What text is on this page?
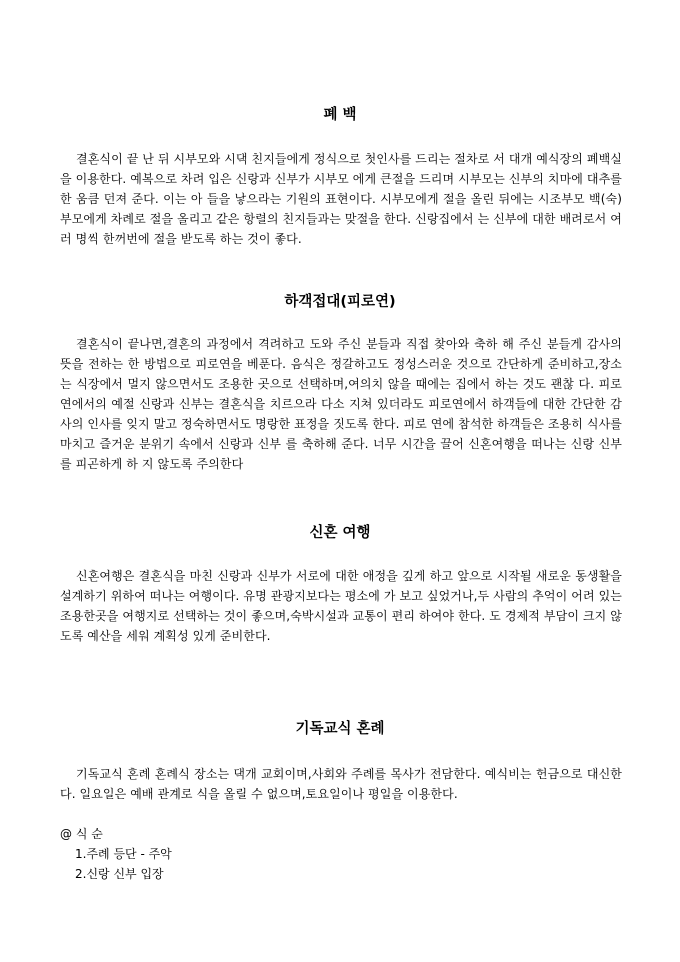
폐 백

결혼식이 끝 난 뒤 시부모와 시댁 친지들에게 정식으로 첫인사를 드리는 절차로 서 대개 예식장의 폐백실을 이용한다. 예복으로 차려 입은 신랑과 신부가 시부모 에게 큰절을 드리며 시부모는 신부의 치마에 대추를 한 움큼 던져 준다. 이는 아 들을 낳으라는 기원의 표현이다. 시부모에게 절을 올린 뒤에는 시조부모 백(숙) 부모에게 차례로 절을 올리고 같은 항렬의 친지들과는 맞절을 한다. 신랑집에서 는 신부에 대한 배려로서 여러 명씩 한꺼번에 절을 받도록 하는 것이 좋다.

하객접대(피로연)

결혼식이 끝나면,결혼의 과정에서 격려하고 도와 주신 분들과 직접 찾아와 축하 해 주신 분들게 감사의 뜻을 전하는 한 방법으로 피로연을 베푼다. 음식은 정갈하고도 정성스러운 것으로 간단하게 준비하고,장소는 식장에서 멀지 않으면서도 조용한 곳으로 선택하며,여의치 않을 때에는 집에서 하는 것도 괜찮 다. 피로연에서의 예절 신랑과 신부는 결혼식을 치르으라 다소 지쳐 있더라도 피로연에서 하객들에 대한 간단한 감사의 인사를 잊지 말고 정숙하면서도 명랑한 표정을 짓도록 한다. 피로 연에 참석한 하객들은 조용히 식사를 마치고 즐거운 분위기 속에서 신랑과 신부 를 축하해 준다. 너무 시간을 끌어 신혼여행을 떠나는 신랑 신부를 피곤하게 하 지 않도록 주의한다

신혼 여행

신혼여행은 결혼식을 마친 신랑과 신부가 서로에 대한 애정을 깊게 하고 앞으로 시작될 새로운 동생활을 설계하기 위하여 떠나는 여행이다. 유명 관광지보다는 평소에 가 보고 싶었거나,두 사람의 추억이 어려 있는 조용한곳을 여행지로 선택하는 것이 좋으며,숙박시설과 교통이 편리 하여야 한다. 도 경제적 부담이 크지 않도록 예산을 세워 계획성 있게 준비한다.

기독교식 혼례

기독교식 혼례 혼례식 장소는 댁개 교회이며,사회와 주례를 목사가 전담한다. 예식비는 헌금으로 대신한다. 일요일은 예배 관계로 식을 올릴 수 없으며,토요일이나 평일을 이용한다.

@ 식 순

1.주례 등단 - 주악

2.신랑 신부 입장
